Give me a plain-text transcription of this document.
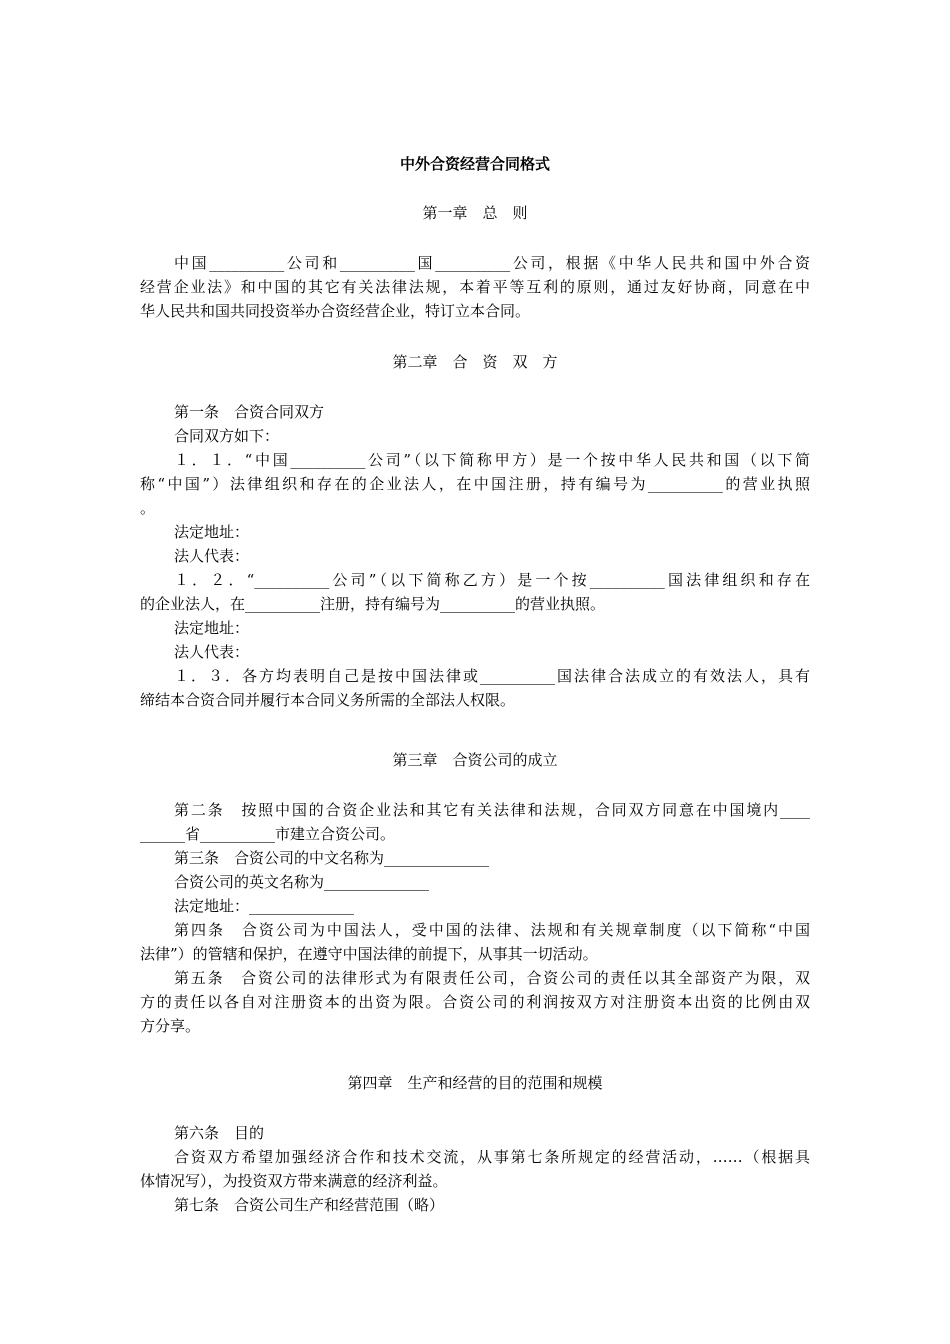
中外合资经营合同格式
第一章　总　则
中国__________公司和__________国__________公司，根据《中华人民共和国中外合资
经营企业法》和中国的其它有关法律法规，本着平等互利的原则，通过友好协商，同意在中
华人民共和国共同投资举办合资经营企业，特订立本合同。
第二章　合　资　双　方
第一条　合资合同双方
合同双方如下：
１．１．“中国__________公司”（以下简称甲方）是一个按中华人民共和国（以下简
称“中国”）法律组织和存在的企业法人，在中国注册，持有编号为__________的营业执照
。
法定地址：
法人代表：
１．２．“__________公司”（以下简称乙方）是一个按__________国法律组织和存在
的企业法人，在__________注册，持有编号为__________的营业执照。
法定地址：
法人代表：
１．３．各方均表明自己是按中国法律或__________国法律合法成立的有效法人，具有
缔结本合资合同并履行本合同义务所需的全部法人权限。
第三章　合资公司的成立
第二条　按照中国的合资企业法和其它有关法律和法规，合同双方同意在中国境内____
______省__________市建立合资公司。
第三条　合资公司的中文名称为______________
合资公司的英文名称为______________
法定地址：______________
第四条　合资公司为中国法人，受中国的法律、法规和有关规章制度（以下简称“中国
法律”）的管辖和保护，在遵守中国法律的前提下，从事其一切活动。
第五条　合资公司的法律形式为有限责任公司，合资公司的责任以其全部资产为限，双
方的责任以各自对注册资本的出资为限。合资公司的利润按双方对注册资本出资的比例由双
方分享。
第四章　生产和经营的目的范围和规模
第六条　目的
合资双方希望加强经济合作和技术交流，从事第七条所规定的经营活动，……（根据具
体情况写），为投资双方带来满意的经济利益。
第七条　合资公司生产和经营范围（略）
